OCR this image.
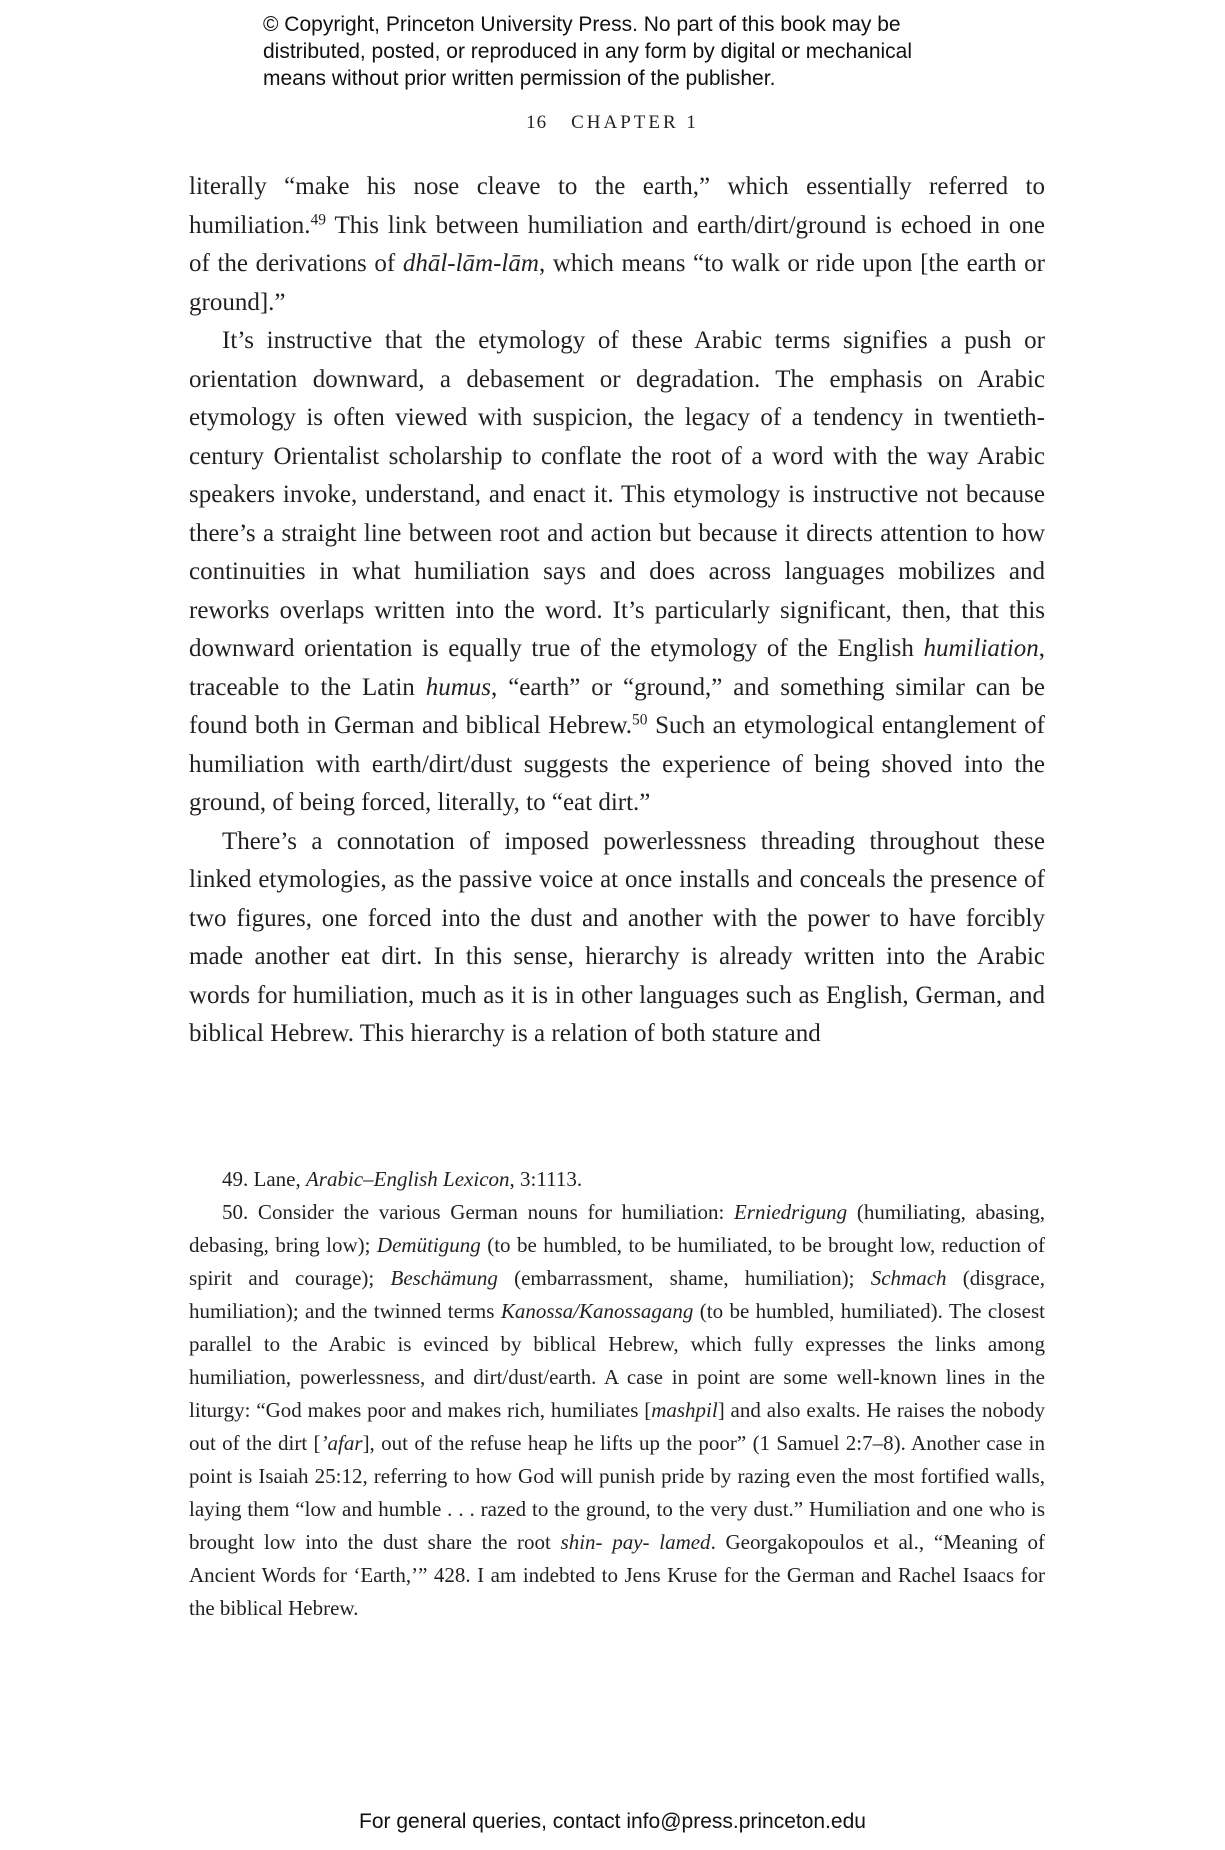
© Copyright, Princeton University Press. No part of this book may be
distributed, posted, or reproduced in any form by digital or mechanical
means without prior written permission of the publisher.
16 CHAPTER 1

literally “make his nose cleave to the earth,” which essentially referred to humiliation.$^{49}$ This link between humiliation and earth/dirt/ground is echoed in one of the derivations of dhāl-lām-lām, which means “to walk or ride upon [the earth or ground].”

It’s instructive that the etymology of these Arabic terms signifies a push or orientation downward, a debasement or degradation. The emphasis on Arabic etymology is often viewed with suspicion, the legacy of a tendency in twentieth-century Orientalist scholarship to conflate the root of a word with the way Arabic speakers invoke, understand, and enact it. This etymology is instructive not because there’s a straight line between root and action but because it directs attention to how continuities in what humiliation says and does across languages mobilizes and reworks overlaps written into the word. It’s particularly significant, then, that this downward orientation is equally true of the etymology of the English humiliation, traceable to the Latin humus, “earth” or “ground,” and something similar can be found both in German and biblical Hebrew.$^{50}$ Such an etymological entanglement of humiliation with earth/dirt/dust suggests the experience of being shoved into the ground, of being forced, literally, to “eat dirt.”

There’s a connotation of imposed powerlessness threading throughout these linked etymologies, as the passive voice at once installs and conceals the presence of two figures, one forced into the dust and another with the power to have forcibly made another eat dirt. In this sense, hierarchy is already written into the Arabic words for humiliation, much as it is in other languages such as English, German, and biblical Hebrew. This hierarchy is a relation of both stature and

49. Lane, Arabic–English Lexicon, 3:1113.

50. Consider the various German nouns for humiliation: Erniedrigung (humiliating, abasing, debasing, bring low); Demütigung (to be humbled, to be humiliated, to be brought low, reduction of spirit and courage); Beschämung (embarrassment, shame, humiliation); Schmach (disgrace, humiliation); and the twinned terms Kanossa/Kanossagang (to be humbled, humiliated). The closest parallel to the Arabic is evinced by biblical Hebrew, which fully expresses the links among humiliation, powerlessness, and dirt/dust/earth. A case in point are some well-known lines in the liturgy: “God makes poor and makes rich, humiliates [mashpil] and also exalts. He raises the nobody out of the dirt [’afar], out of the refuse heap he lifts up the poor” (1 Samuel 2:7–8). Another case in point is Isaiah 25:12, referring to how God will punish pride by razing even the most fortified walls, laying them “low and humble . . . razed to the ground, to the very dust.” Humiliation and one who is brought low into the dust share the root shin- pay- lamed. Georgakopoulos et al., “Meaning of Ancient Words for ‘Earth,’” 428. I am indebted to Jens Kruse for the German and Rachel Isaacs for the biblical Hebrew.

For general queries, contact info@press.princeton.edu
